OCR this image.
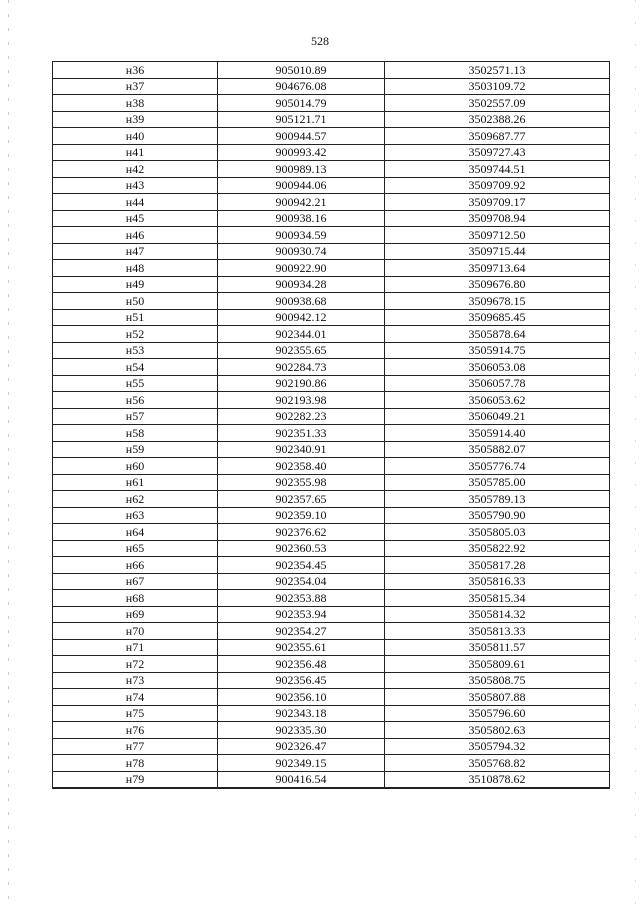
528
н36	905010.89	3502571.13
н37	904676.08	3503109.72
н38	905014.79	3502557.09
н39	905121.71	3502388.26
н40	900944.57	3509687.77
н41	900993.42	3509727.43
н42	900989.13	3509744.51
н43	900944.06	3509709.92
н44	900942.21	3509709.17
н45	900938.16	3509708.94
н46	900934.59	3509712.50
н47	900930.74	3509715.44
н48	900922.90	3509713.64
н49	900934.28	3509676.80
н50	900938.68	3509678.15
н51	900942.12	3509685.45
н52	902344.01	3505878.64
н53	902355.65	3505914.75
н54	902284.73	3506053.08
н55	902190.86	3506057.78
н56	902193.98	3506053.62
н57	902282.23	3506049.21
н58	902351.33	3505914.40
н59	902340.91	3505882.07
н60	902358.40	3505776.74
н61	902355.98	3505785.00
н62	902357.65	3505789.13
н63	902359.10	3505790.90
н64	902376.62	3505805.03
н65	902360.53	3505822.92
н66	902354.45	3505817.28
н67	902354.04	3505816.33
н68	902353.88	3505815.34
н69	902353.94	3505814.32
н70	902354.27	3505813.33
н71	902355.61	3505811.57
н72	902356.48	3505809.61
н73	902356.45	3505808.75
н74	902356.10	3505807.88
н75	902343.18	3505796.60
н76	902335.30	3505802.63
н77	902326.47	3505794.32
н78	902349.15	3505768.82
н79	900416.54	3510878.62
